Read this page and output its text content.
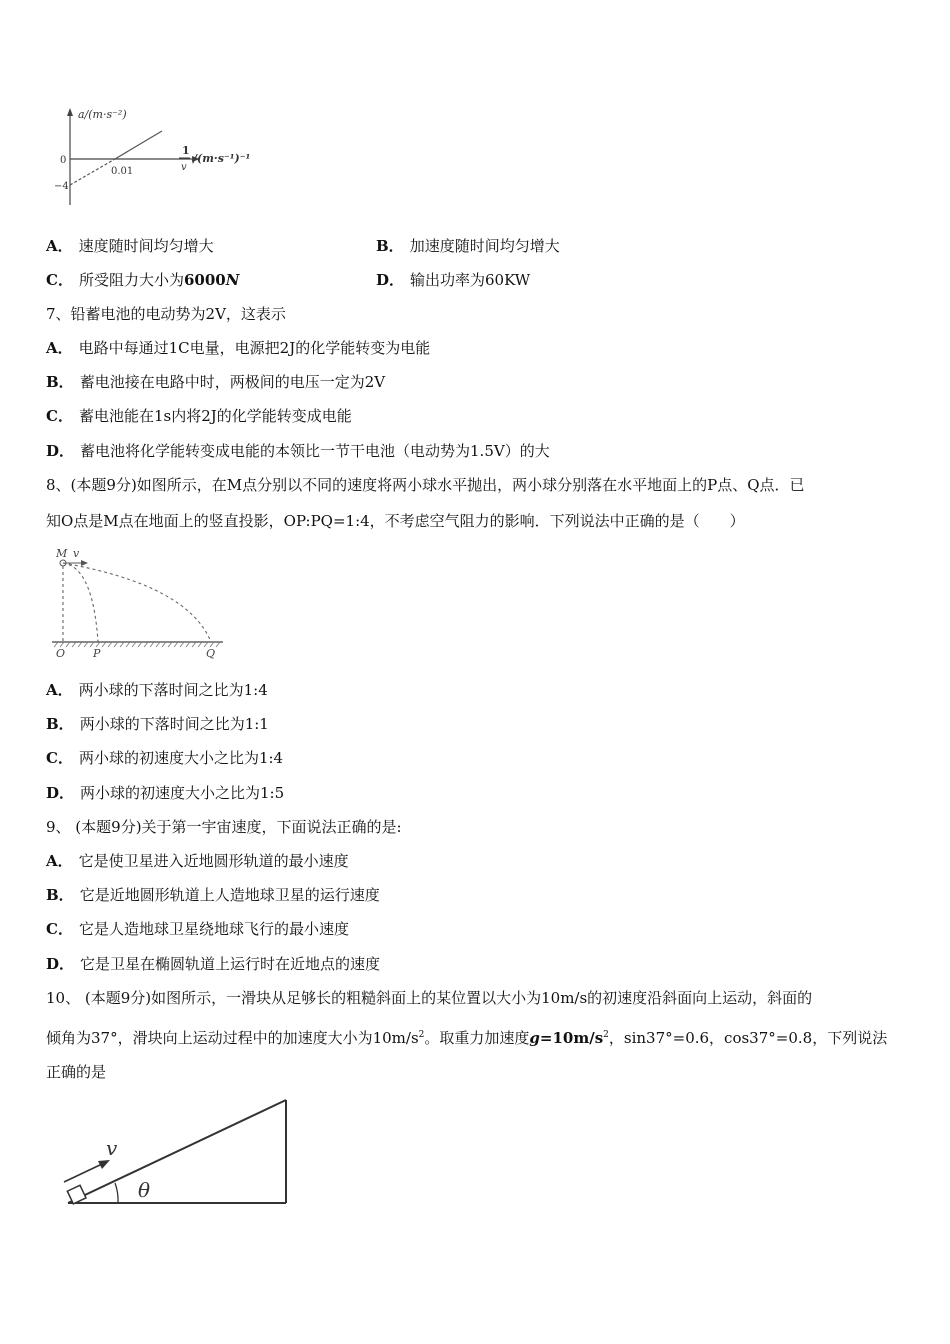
a/(m·s⁻²)
0
−4
0.01
1
v
/(m·s⁻¹)⁻¹
A． 速度随时间均匀增大	B． 加速度随时间均匀增大
C． 所受阻力大小为6000N	D． 输出功率为60KW
7、铅蓄电池的电动势为2V，这表示
A． 电路中每通过1C电量，电源把2J的化学能转变为电能
B． 蓄电池接在电路中时，两极间的电压一定为2V
C． 蓄电池能在1s内将2J的化学能转变成电能
D． 蓄电池将化学能转变成电能的本领比一节干电池（电动势为1.5V）的大
8、(本题9分)如图所示，在M点分别以不同的速度将两小球水平抛出，两小球分别落在水平地面上的P点、Q点．已
知O点是M点在地面上的竖直投影，OP:PQ=1:4，不考虑空气阻力的影响．下列说法中正确的是（　　）
M v
O	P	Q
A． 两小球的下落时间之比为1:4
B． 两小球的下落时间之比为1:1
C． 两小球的初速度大小之比为1:4
D． 两小球的初速度大小之比为1:5
9、 (本题9分)关于第一宇宙速度，下面说法正确的是:
A． 它是使卫星进入近地圆形轨道的最小速度
B． 它是近地圆形轨道上人造地球卫星的运行速度
C． 它是人造地球卫星绕地球飞行的最小速度
D． 它是卫星在椭圆轨道上运行时在近地点的速度
10、 (本题9分)如图所示，一滑块从足够长的粗糙斜面上的某位置以大小为10m/s的初速度沿斜面向上运动，斜面的
倾角为37°，滑块向上运动过程中的加速度大小为$10m/s^2$。取重力加速度$g=10m/s^2$，sin37°=0.6，cos37°=0.8，下列说法
正确的是
v
θ
